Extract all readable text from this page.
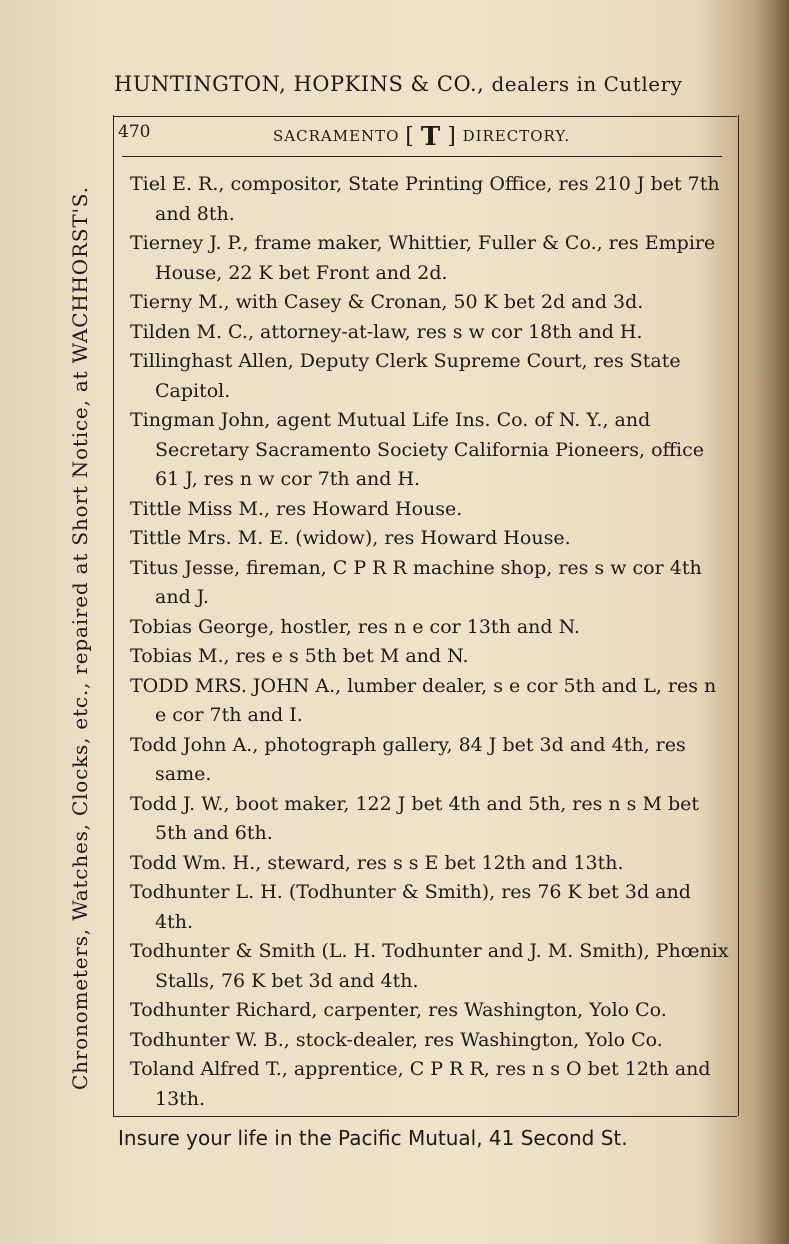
HUNTINGTON, HOPKINS & CO., dealers in Cutlery
Chronometers, Watches, Clocks, etc., repaired at Short Notice, at WACHHORST'S.
470	SACRAMENTO [ T ] DIRECTORY.

Tiel E. R., compositor, State Printing Office, res 210 J bet 7th and 8th.

Tierney J. P., frame maker, Whittier, Fuller & Co., res Empire House, 22 K bet Front and 2d.

Tierny M., with Casey & Cronan, 50 K bet 2d and 3d.

Tilden M. C., attorney-at-law, res s w cor 18th and H.

Tillinghast Allen, Deputy Clerk Supreme Court, res State Capitol.

Tingman John, agent Mutual Life Ins. Co. of N. Y., and Secretary Sacramento Society California Pioneers, office 61 J, res n w cor 7th and H.

Tittle Miss M., res Howard House.

Tittle Mrs. M. E. (widow), res Howard House.

Titus Jesse, fireman, C P R R machine shop, res s w cor 4th and J.

Tobias George, hostler, res n e cor 13th and N.

Tobias M., res e s 5th bet M and N.

TODD MRS. JOHN A., lumber dealer, s e cor 5th and L, res n e cor 7th and I.

Todd John A., photograph gallery, 84 J bet 3d and 4th, res same.

Todd J. W., boot maker, 122 J bet 4th and 5th, res n s M bet 5th and 6th.

Todd Wm. H., steward, res s s E bet 12th and 13th.

Todhunter L. H. (Todhunter & Smith), res 76 K bet 3d and 4th.

Todhunter & Smith (L. H. Todhunter and J. M. Smith), Phœnix Stalls, 76 K bet 3d and 4th.

Todhunter Richard, carpenter, res Washington, Yolo Co.

Todhunter W. B., stock-dealer, res Washington, Yolo Co.

Toland Alfred T., apprentice, C P R R, res n s O bet 12th and 13th.

Insure your life in the Pacific Mutual, 41 Second St.
